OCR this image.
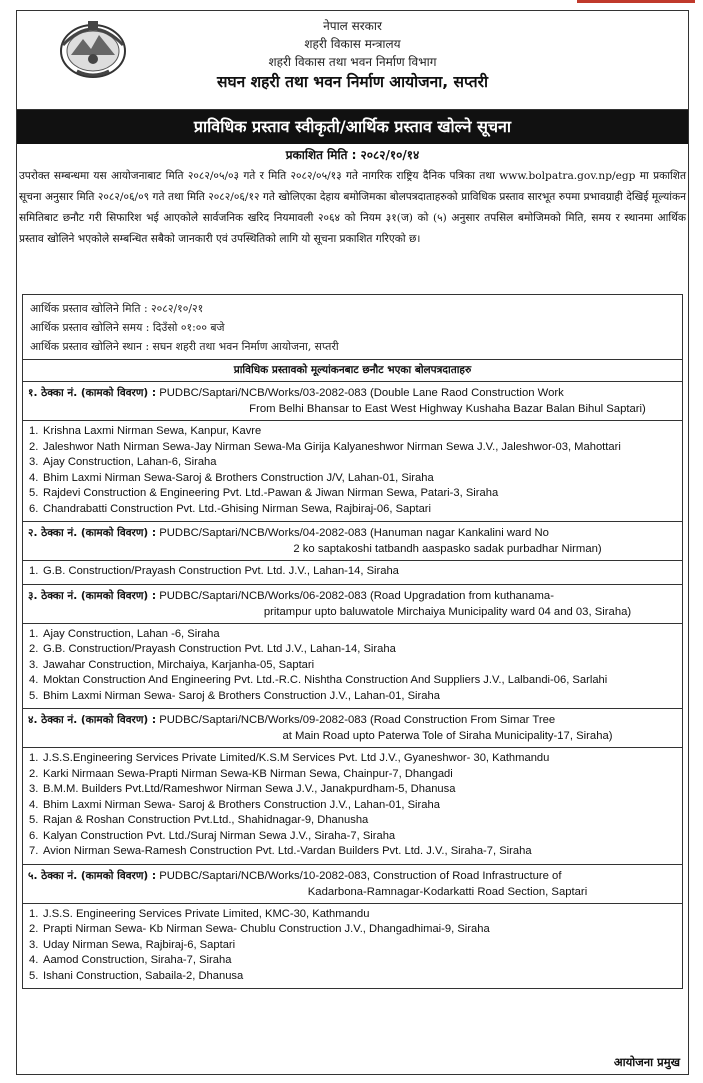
नेपाल सरकार
शहरी विकास मन्त्रालय
शहरी विकास तथा भवन निर्माण विभाग
सघन शहरी तथा भवन निर्माण आयोजना, सप्तरी
प्राविधिक प्रस्ताव स्वीकृती/आर्थिक प्रस्ताव खोल्ने सूचना
प्रकाशित मिति : २०८२/१०/१४
उपरोक्त सम्बन्धमा यस आयोजनाबाट मिति २०८२/०५/०३ गते र मिति २०८२/०५/१३ गते नागरिक राष्ट्रिय दैनिक पत्रिका तथा www.bolpatra.gov.np/egp मा प्रकाशित सूचना अनुसार मिति २०८२/०६/०९ गते तथा मिति २०८२/०६/१२ गते खोलिएका देहाय बमोजिमका बोलपत्रदाताहरुको प्राविधिक प्रस्ताव सारभूत रुपमा प्रभावग्राही देखिई मूल्यांकन समितिबाट छनौट गरी सिफारिश भई आएकोले सार्वजनिक खरिद नियमावली २०६४ को नियम ३१(ज) को (५) अनुसार तपसिल बमोजिमको मिति, समय र स्थानमा आर्थिक प्रस्ताव खोलिने भएकोले सम्बन्धित सबैको जानकारी एवं उपस्थितिको लागि यो सूचना प्रकाशित गरिएको छ।
आर्थिक प्रस्ताव खोलिने मिति : २०८२/१०/२१
आर्थिक प्रस्ताव खोलिने समय : दिउँसो ०१:०० बजे
आर्थिक प्रस्ताव खोलिने स्थान : सघन शहरी तथा भवन निर्माण आयोजना, सप्तरी
प्राविधिक प्रस्तावको मूल्यांकनबाट छनौट भएका बोलपत्रदाताहरु
१. ठेक्का नं. (कामको विवरण) : PUDBC/Saptari/NCB/Works/03-2082-083 (Double Lane Raod Construction Work
From Belhi Bhansar to East West Highway Kushaha Bazar Balan Bihul Saptari)
1. Krishna Laxmi Nirman Sewa, Kanpur, Kavre
2. Jaleshwor Nath Nirman Sewa-Jay Nirman Sewa-Ma Girija Kalyaneshwor Nirman Sewa J.V., Jaleshwor-03, Mahottari
3. Ajay Construction, Lahan-6, Siraha
4. Bhim Laxmi Nirman Sewa-Saroj & Brothers Construction J/V, Lahan-01, Siraha
5. Rajdevi Construction & Engineering Pvt. Ltd.-Pawan & Jiwan Nirman Sewa, Patari-3, Siraha
6. Chandrabatti Construction Pvt. Ltd.-Ghising Nirman Sewa, Rajbiraj-06, Saptari
२. ठेक्का नं. (कामको विवरण) : PUDBC/Saptari/NCB/Works/04-2082-083 (Hanuman nagar Kankalini ward No
2 ko saptakoshi tatbandh aaspasko sadak purbadhar Nirman)
1. G.B. Construction/Prayash Construction Pvt. Ltd. J.V., Lahan-14, Siraha
३. ठेक्का नं. (कामको विवरण) : PUDBC/Saptari/NCB/Works/06-2082-083 (Road Upgradation from kuthanama-
pritampur upto baluwatole Mirchaiya Municipality ward 04 and 03, Siraha)
1. Ajay Construction, Lahan -6, Siraha
2. G.B. Construction/Prayash Construction Pvt. Ltd J.V., Lahan-14, Siraha
3. Jawahar Construction, Mirchaiya, Karjanha-05, Saptari
4. Moktan Construction And Engineering Pvt. Ltd.-R.C. Nishtha Construction And Suppliers J.V., Lalbandi-06, Sarlahi
5. Bhim Laxmi Nirman Sewa- Saroj & Brothers Construction J.V., Lahan-01, Siraha
४. ठेक्का नं. (कामको विवरण) : PUDBC/Saptari/NCB/Works/09-2082-083 (Road Construction From Simar Tree
at Main Road upto Paterwa Tole of Siraha Municipality-17, Siraha)
1. J.S.S.Engineering Services Private Limited/K.S.M Services Pvt. Ltd J.V., Gyaneshwor- 30, Kathmandu
2. Karki Nirmaan Sewa-Prapti Nirman Sewa-KB Nirman Sewa, Chainpur-7, Dhangadi
3. B.M.M. Builders Pvt.Ltd/Rameshwor Nirman Sewa J.V., Janakpurdham-5, Dhanusa
4. Bhim Laxmi Nirman Sewa- Saroj & Brothers Construction J.V., Lahan-01, Siraha
5. Rajan & Roshan Construction Pvt.Ltd., Shahidnagar-9, Dhanusha
6. Kalyan Construction Pvt. Ltd./Suraj Nirman Sewa J.V., Siraha-7, Siraha
7. Avion Nirman Sewa-Ramesh Construction Pvt. Ltd.-Vardan Builders Pvt. Ltd. J.V., Siraha-7, Siraha
५. ठेक्का नं. (कामको विवरण) : PUDBC/Saptari/NCB/Works/10-2082-083, Construction of Road Infrastructure of
Kadarbona-Ramnagar-Kodarkatti Road Section, Saptari
1. J.S.S. Engineering Services Private Limited, KMC-30, Kathmandu
2. Prapti Nirman Sewa- Kb Nirman Sewa- Chublu Construction J.V., Dhangadhimai-9, Siraha
3. Uday Nirman Sewa, Rajbiraj-6, Saptari
4. Aamod Construction, Siraha-7, Siraha
5. Ishani Construction, Sabaila-2, Dhanusa
आयोजना प्रमुख
